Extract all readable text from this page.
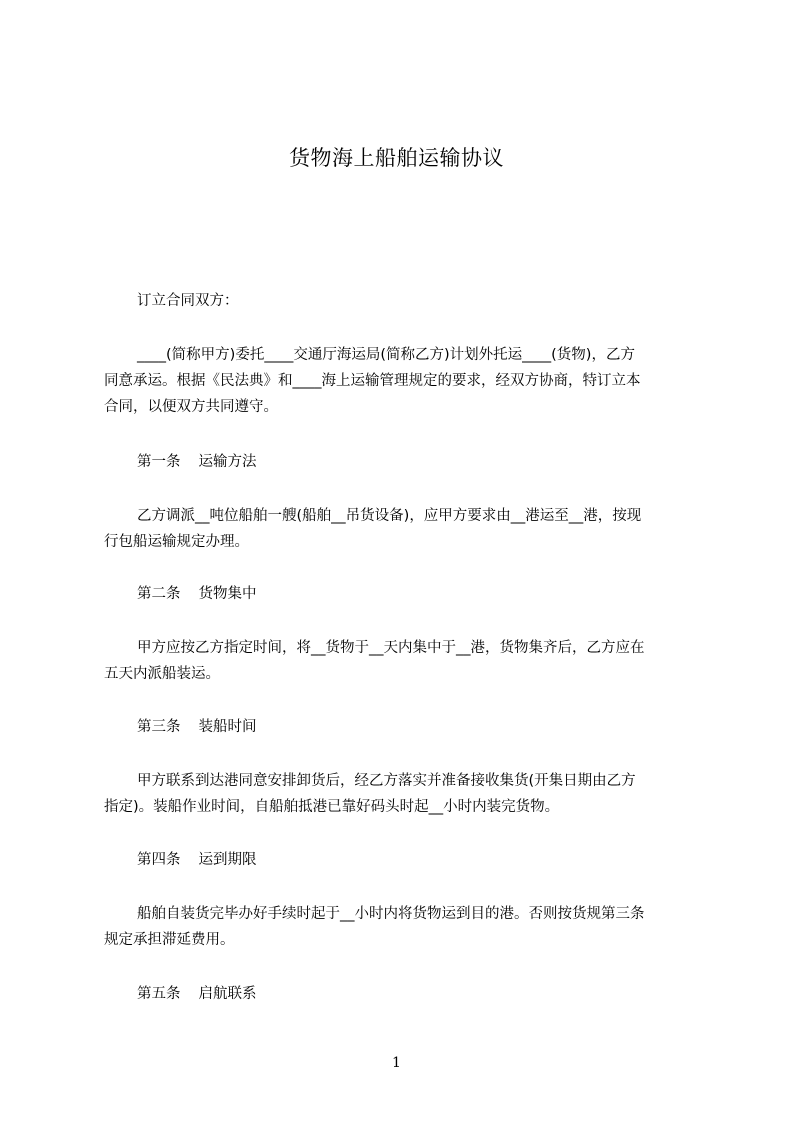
货物海上船舶运输协议
订立合同双方：
____(简称甲方)委托____交通厅海运局(简称乙方)计划外托运____(货物)，乙方
同意承运。根据《民法典》和____海上运输管理规定的要求，经双方协商，特订立本
合同，以便双方共同遵守。
第一条 运输方法
乙方调派__吨位船舶一艘(船舶__吊货设备)，应甲方要求由__港运至__港，按现
行包船运输规定办理。
第二条 货物集中
甲方应按乙方指定时间，将__货物于__天内集中于__港，货物集齐后，乙方应在
五天内派船装运。
第三条 装船时间
甲方联系到达港同意安排卸货后，经乙方落实并准备接收集货(开集日期由乙方
指定)。装船作业时间，自船舶抵港已靠好码头时起__小时内装完货物。
第四条 运到期限
船舶自装货完毕办好手续时起于__小时内将货物运到目的港。否则按货规第三条
规定承担滞延费用。
第五条 启航联系
1
